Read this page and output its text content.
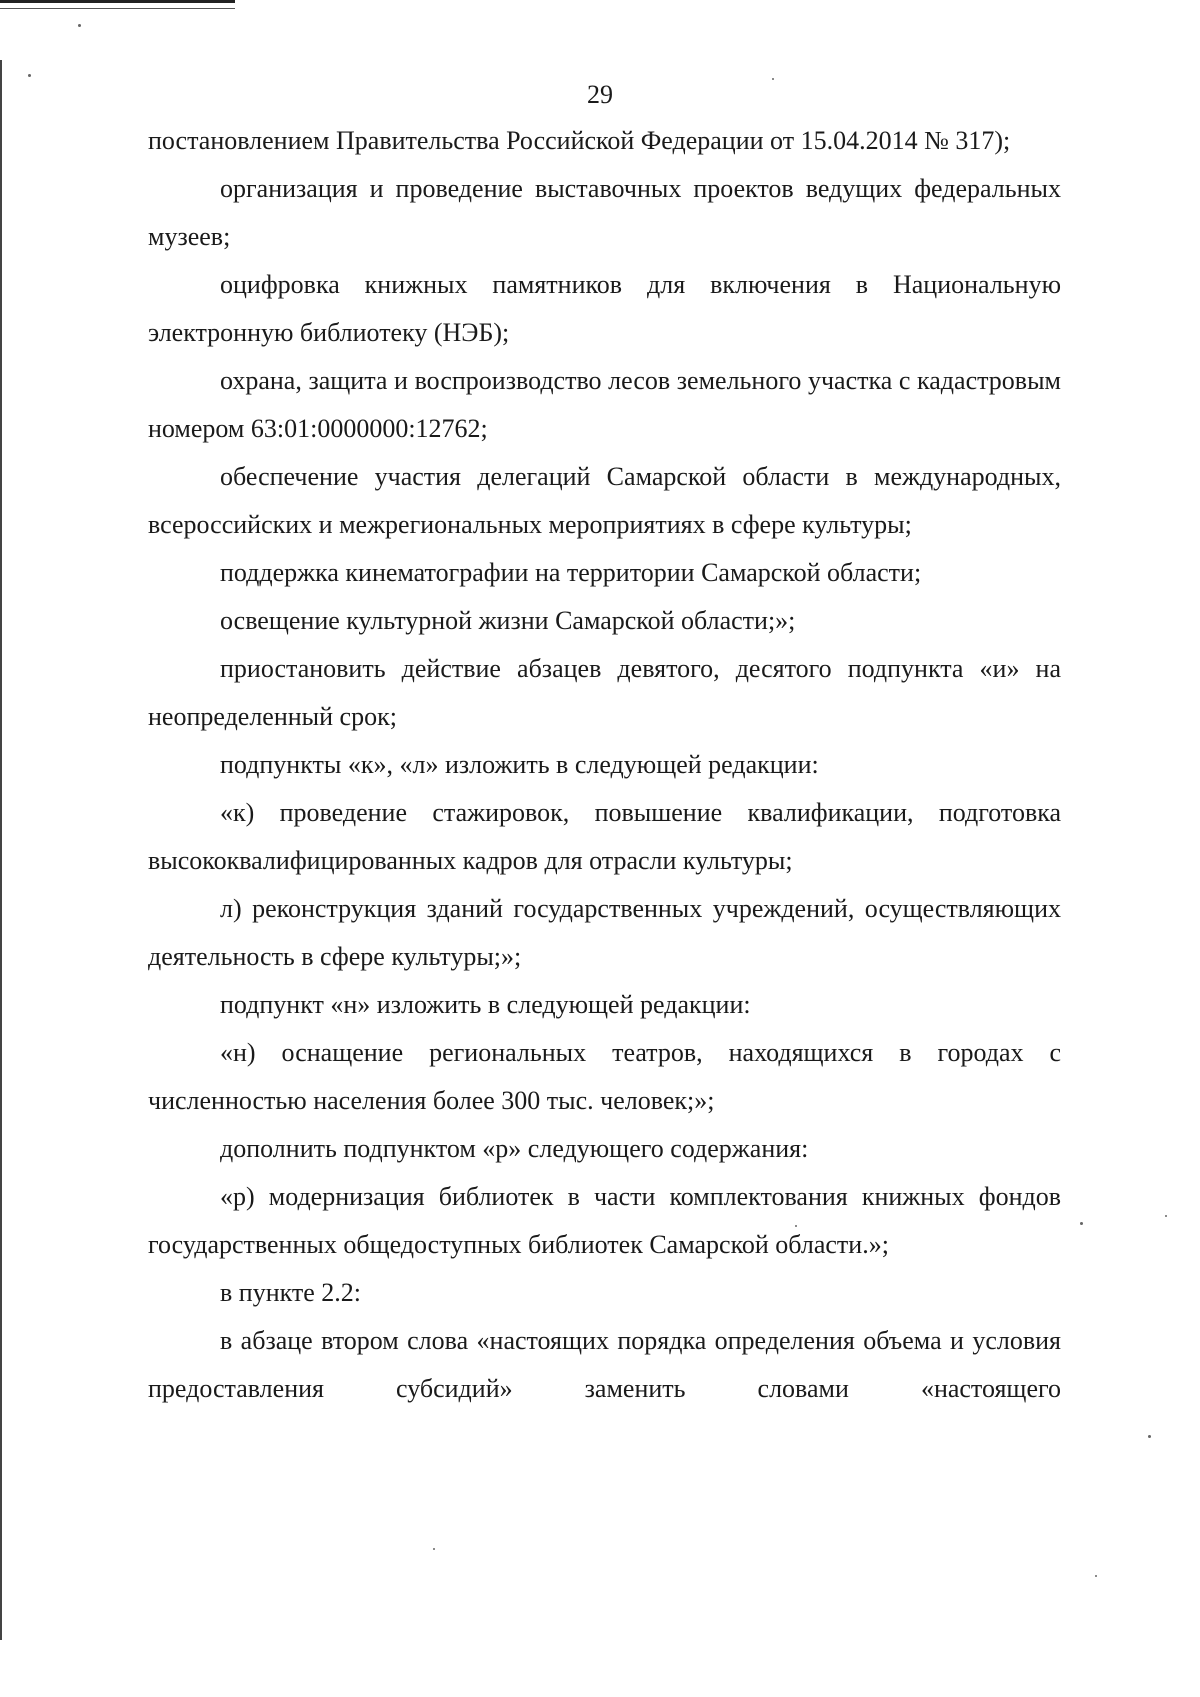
29

постановлением Правительства Российской Федерации от 15.04.2014 № 317);

организация и проведение выставочных проектов ведущих федеральных музеев;

оцифровка книжных памятников для включения в Национальную электронную библиотеку (НЭБ);

охрана, защита и воспроизводство лесов земельного участка с кадастровым номером 63:01:0000000:12762;

обеспечение участия делегаций Самарской области в международных, всероссийских и межрегиональных мероприятиях в сфере культуры;

поддержка кинематографии на территории Самарской области;

освещение культурной жизни Самарской области;»;

приостановить действие абзацев девятого, десятого подпункта «и» на неопределенный срок;

подпункты «к», «л» изложить в следующей редакции:

«к) проведение стажировок, повышение квалификации, подготовка высококвалифицированных кадров для отрасли культуры;

л) реконструкция зданий государственных учреждений, осуществляющих деятельность в сфере культуры;»;

подпункт «н» изложить в следующей редакции:

«н) оснащение региональных театров, находящихся в городах с численностью населения более 300 тыс. человек;»;

дополнить подпунктом «р» следующего содержания:

«р) модернизация библиотек в части комплектования книжных фондов государственных общедоступных библиотек Самарской области.»;

в пункте 2.2:

в абзаце втором слова «настоящих порядка определения объема и условия предоставления субсидий» заменить словами «настоящего
